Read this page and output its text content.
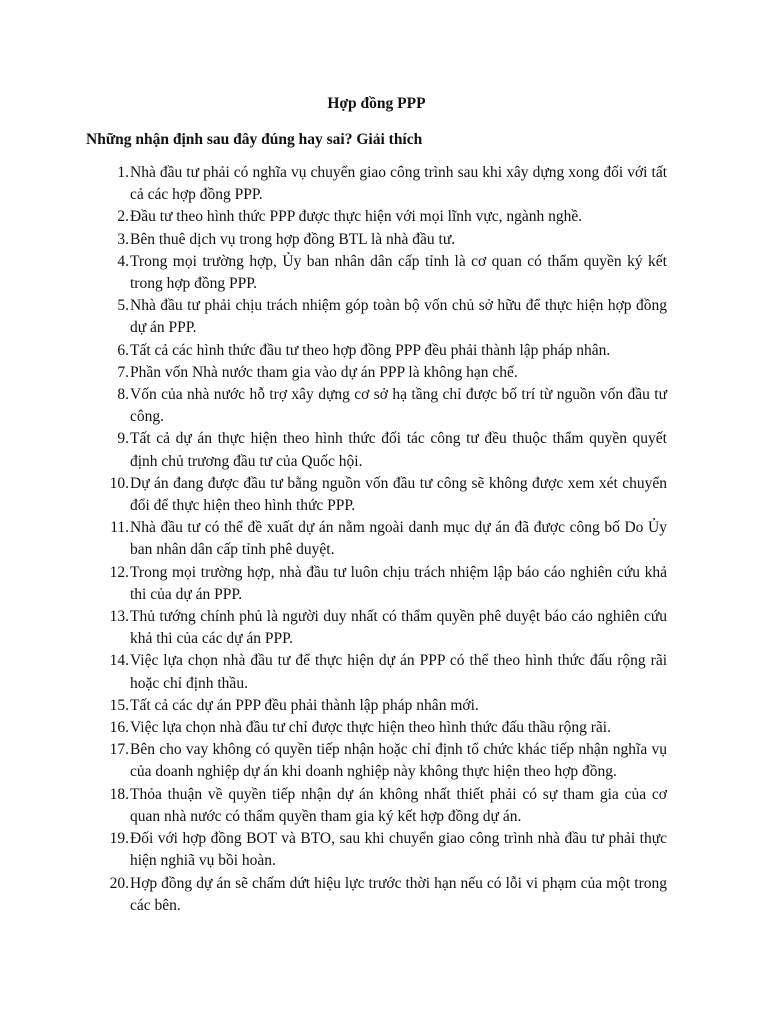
Hợp đồng PPP

Những nhận định sau đây đúng hay sai? Giải thích

1. Nhà đầu tư phải có nghĩa vụ chuyển giao công trình sau khi xây dựng xong đối với tất cả các hợp đồng PPP.
2. Đầu tư theo hình thức PPP được thực hiện với mọi lĩnh vực, ngành nghề.
3. Bên thuê dịch vụ trong hợp đồng BTL là nhà đầu tư.
4. Trong mọi trường hợp, Ủy ban nhân dân cấp tỉnh là cơ quan có thẩm quyền ký kết trong hợp đồng PPP.
5. Nhà đầu tư phải chịu trách nhiệm góp toàn bộ vốn chủ sở hữu để thực hiện hợp đồng dự án PPP.
6. Tất cả các hình thức đầu tư theo hợp đồng PPP đều phải thành lập pháp nhân.
7. Phần vốn Nhà nước tham gia vào dự án PPP là không hạn chế.
8. Vốn của nhà nước hỗ trợ xây dựng cơ sở hạ tầng chỉ được bố trí từ nguồn vốn đầu tư công.
9. Tất cả dự án thực hiện theo hình thức đối tác công tư đều thuộc thẩm quyền quyết định chủ trương đầu tư của Quốc hội.
10. Dự án đang được đầu tư bằng nguồn vốn đầu tư công sẽ không được xem xét chuyển đổi để thực hiện theo hình thức PPP.
11. Nhà đầu tư có thể đề xuất dự án nằm ngoài danh mục dự án đã được công bố Do Ủy ban nhân dân cấp tỉnh phê duyệt.
12. Trong mọi trường hợp, nhà đầu tư luôn chịu trách nhiệm lập báo cáo nghiên cứu khả thi của dự án PPP.
13. Thủ tướng chính phủ là người duy nhất có thẩm quyền phê duyệt báo cáo nghiên cứu khả thi của các dự án PPP.
14. Việc lựa chọn nhà đầu tư để thực hiện dự án PPP có thể theo hình thức đấu rộng rãi hoặc chỉ định thầu.
15. Tất cả các dự án PPP đều phải thành lập pháp nhân mới.
16. Việc lựa chọn nhà đầu tư chỉ được thực hiện theo hình thức đấu thầu rộng rãi.
17. Bên cho vay không có quyền tiếp nhận hoặc chỉ định tổ chức khác tiếp nhận nghĩa vụ của doanh nghiệp dự án khi doanh nghiệp này không thực hiện theo hợp đồng.
18. Thỏa thuận về quyền tiếp nhận dự án không nhất thiết phải có sự tham gia của cơ quan nhà nước có thẩm quyền tham gia ký kết hợp đồng dự án.
19. Đối với hợp đồng BOT và BTO, sau khi chuyển giao công trình nhà đầu tư phải thực hiện nghiã vụ bồi hoàn.
20. Hợp đồng dự án sẽ chấm dứt hiệu lực trước thời hạn nếu có lỗi vi phạm của một trong các bên.
